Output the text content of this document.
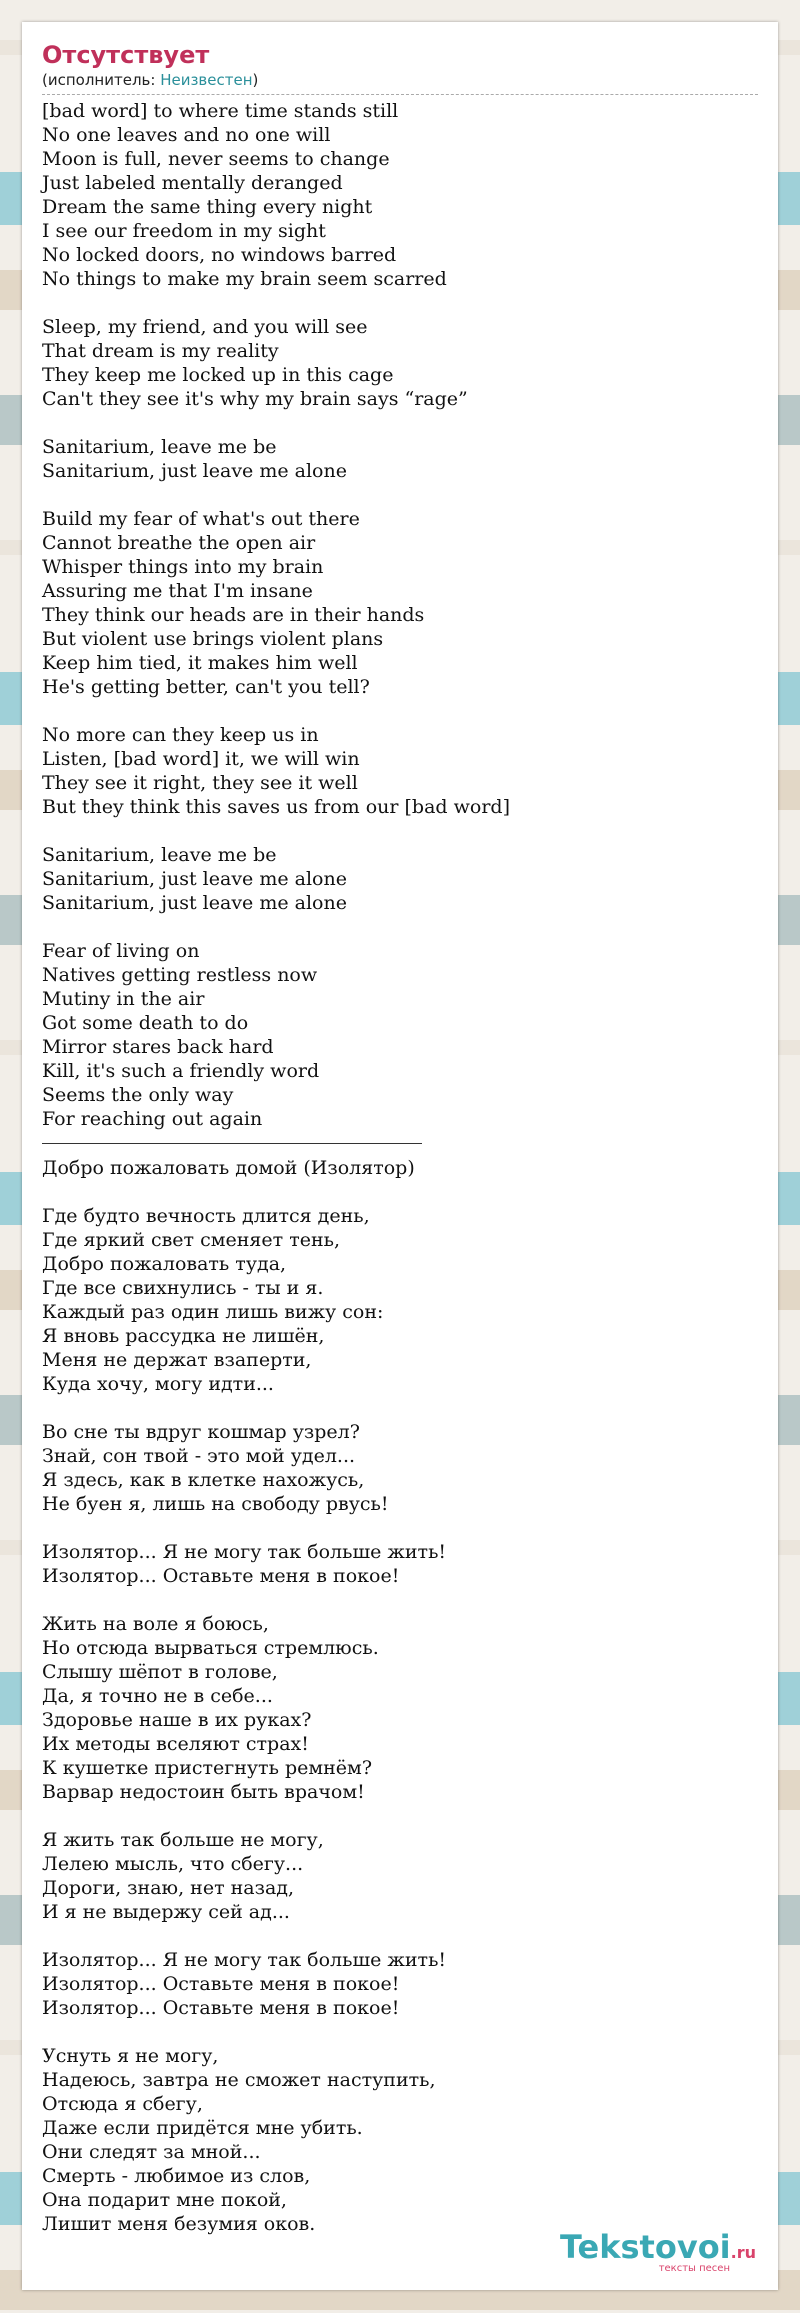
Отсутствует
(исполнитель: Неизвестен)
[bad word] to where time stands still
No one leaves and no one will
Moon is full, never seems to change
Just labeled mentally deranged
Dream the same thing every night
I see our freedom in my sight
No locked doors, no windows barred
No things to make my brain seem scarred
Sleep, my friend, and you will see
That dream is my reality
They keep me locked up in this cage
Can't they see it's why my brain says “rage”
Sanitarium, leave me be
Sanitarium, just leave me alone
Build my fear of what's out there
Cannot breathe the open air
Whisper things into my brain
Assuring me that I'm insane
They think our heads are in their hands
But violent use brings violent plans
Keep him tied, it makes him well
He's getting better, can't you tell?
No more can they keep us in
Listen, [bad word] it, we will win
They see it right, they see it well
But they think this saves us from our [bad word]
Sanitarium, leave me be
Sanitarium, just leave me alone
Sanitarium, just leave me alone
Fear of living on
Natives getting restless now
Mutiny in the air
Got some death to do
Mirror stares back hard
Kill, it's such a friendly word
Seems the only way
For reaching out again
Добро пожаловать домой (Изолятор)
Где будто вечность длится день,
Где яркий свет сменяет тень,
Добро пожаловать туда,
Где все свихнулись - ты и я.
Каждый раз один лишь вижу сон:
Я вновь рассудка не лишён,
Меня не держат взаперти,
Куда хочу, могу идти...
Во сне ты вдруг кошмар узрел?
Знай, сон твой - это мой удел...
Я здесь, как в клетке нахожусь,
Не буен я, лишь на свободу рвусь!
Изолятор... Я не могу так больше жить!
Изолятор... Оставьте меня в покое!
Жить на воле я боюсь,
Но отсюда вырваться стремлюсь.
Слышу шёпот в голове,
Да, я точно не в себе...
Здоровье наше в их руках?
Их методы вселяют страх!
К кушетке пристегнуть ремнём?
Варвар недостоин быть врачом!
Я жить так больше не могу,
Лелею мысль, что сбегу...
Дороги, знаю, нет назад,
И я не выдержу сей ад...
Изолятор... Я не могу так больше жить!
Изолятор... Оставьте меня в покое!
Изолятор... Оставьте меня в покое!
Уснуть я не могу,
Надеюсь, завтра не сможет наступить,
Отсюда я сбегу,
Даже если придётся мне убить.
Они следят за мной...
Смерть - любимое из слов,
Она подарит мне покой,
Лишит меня безумия оков.
Tekstovoi.ru
тексты песен
